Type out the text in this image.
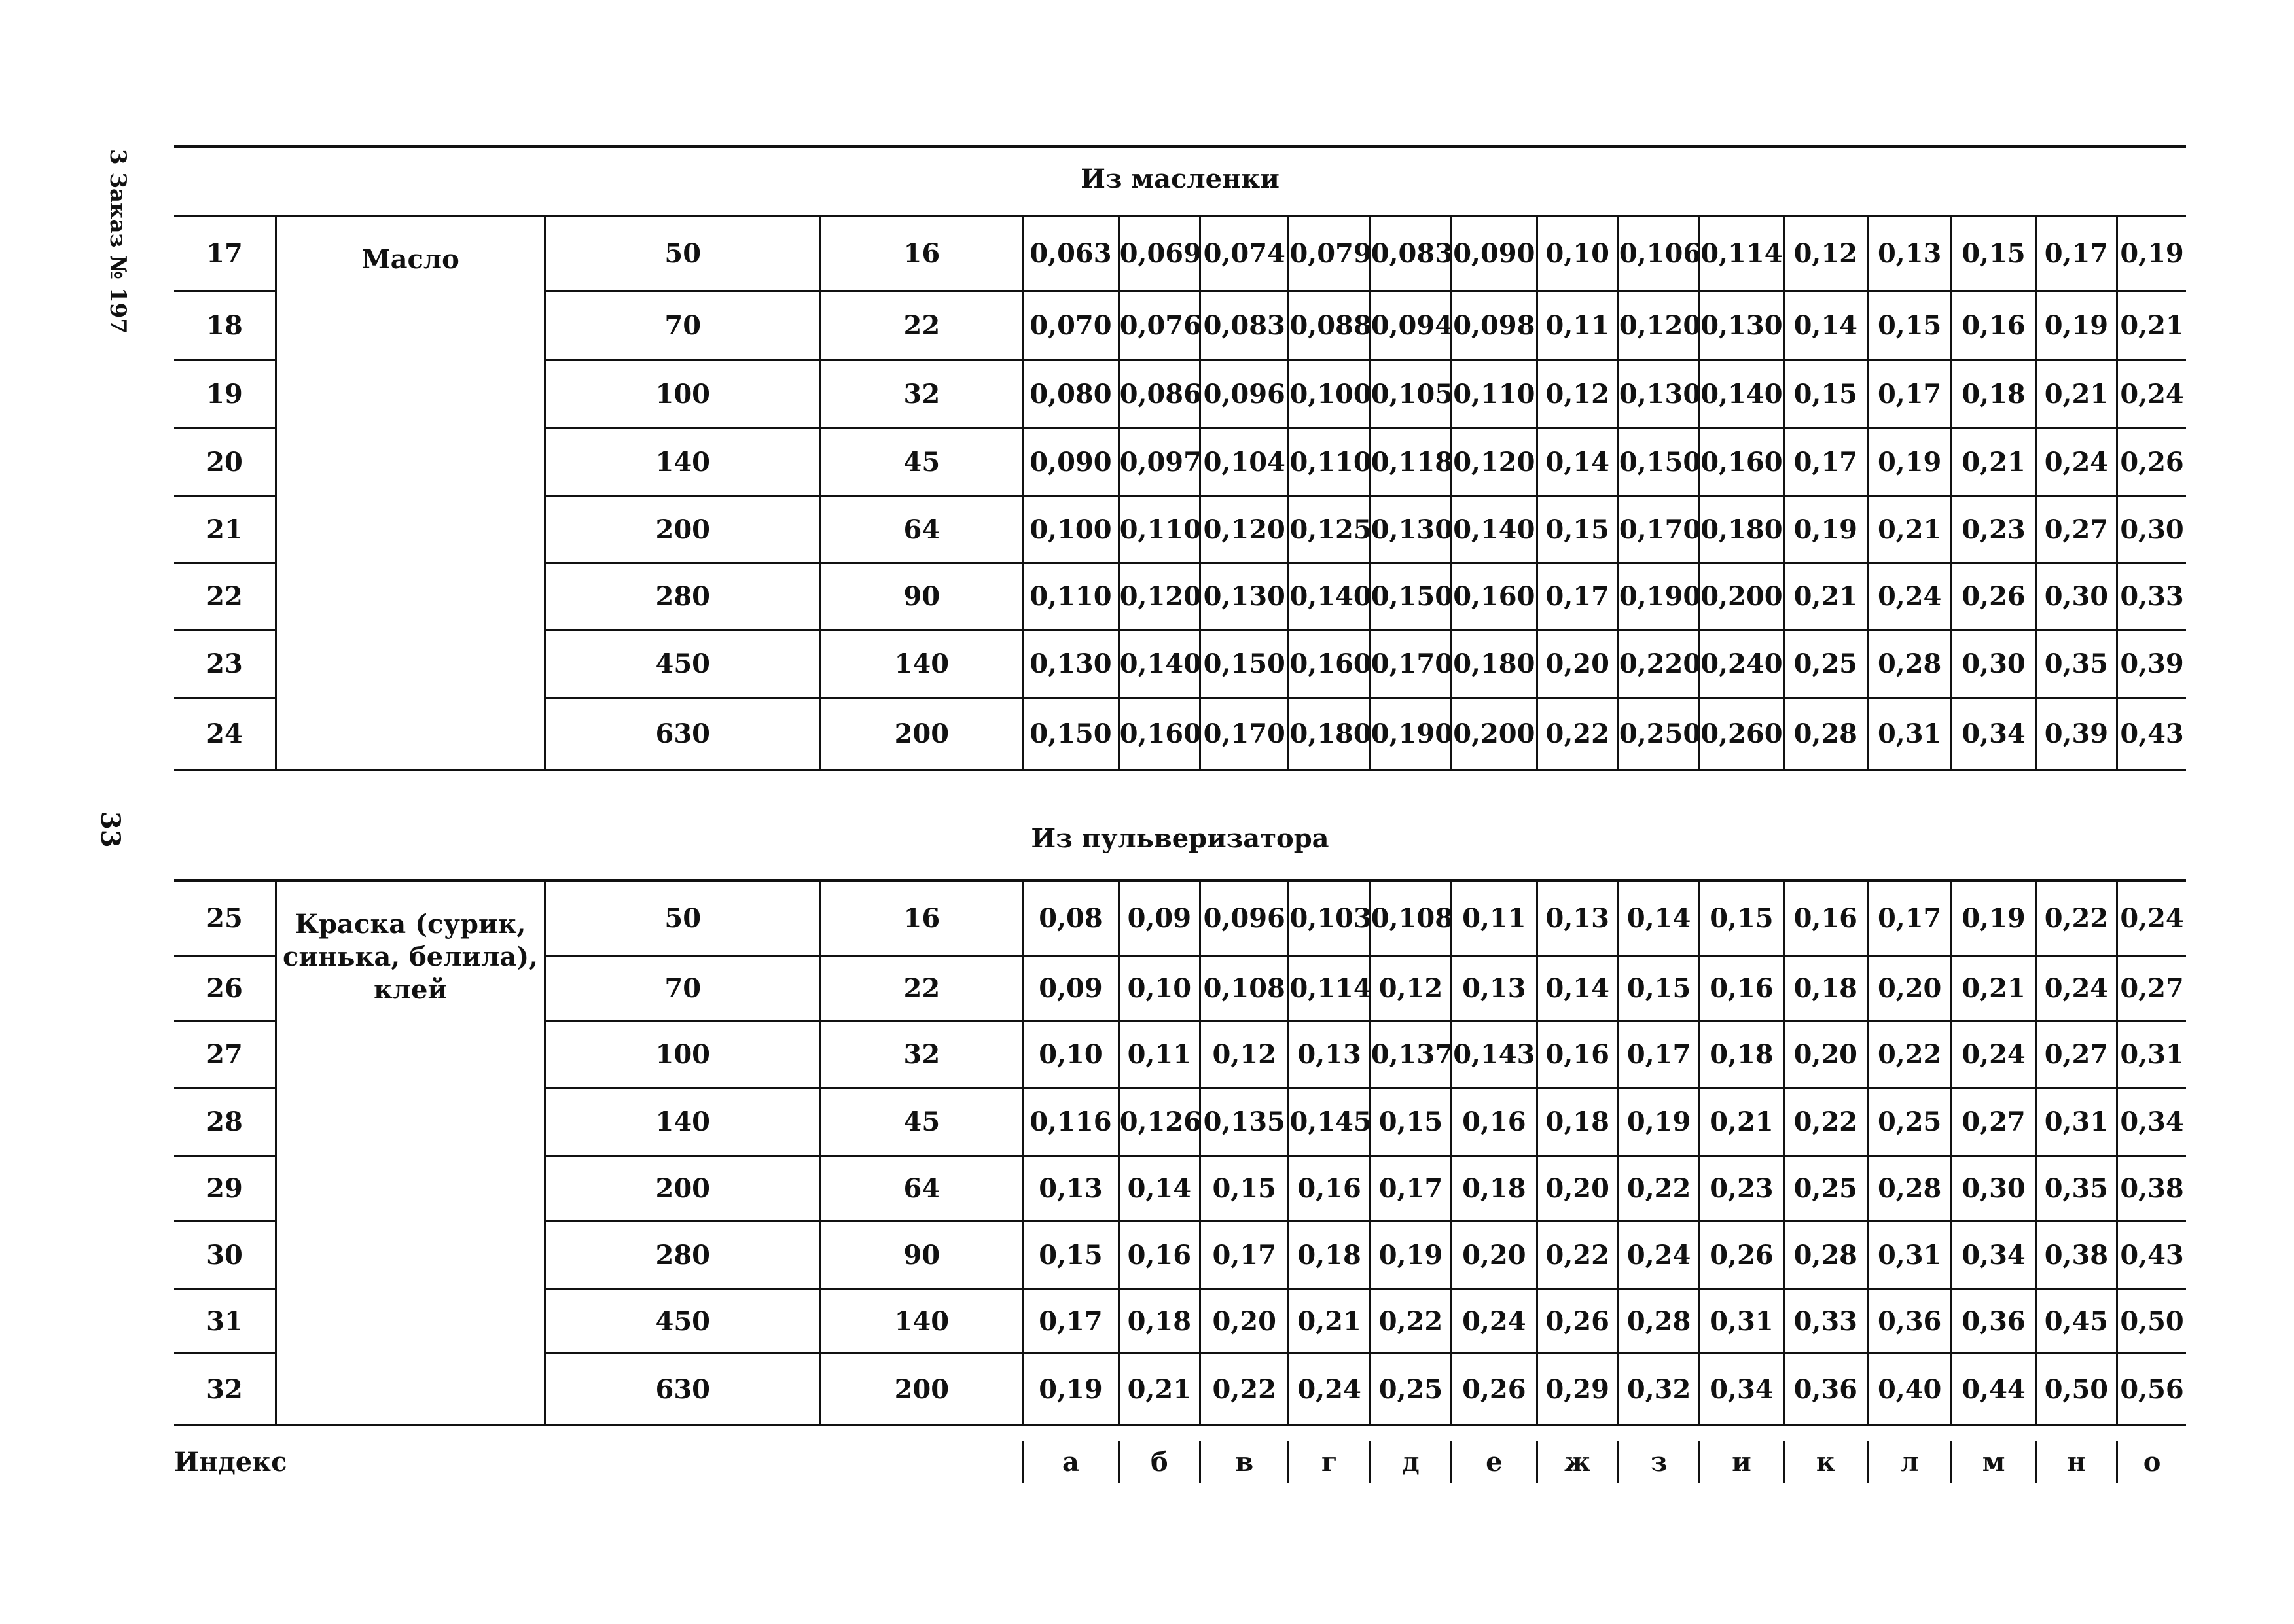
3 Заказ № 197
33
Из масленки
17	Масло	50	16	0,063	0,069	0,074	0,079	0,083	0,090	0,10	0,106	0,114	0,12	0,13	0,15	0,17	0,19
18		70	22	0,070	0,076	0,083	0,088	0,094	0,098	0,11	0,120	0,130	0,14	0,15	0,16	0,19	0,21
19		100	32	0,080	0,086	0,096	0,100	0,105	0,110	0,12	0,130	0,140	0,15	0,17	0,18	0,21	0,24
20		140	45	0,090	0,097	0,104	0,110	0,118	0,120	0,14	0,150	0,160	0,17	0,19	0,21	0,24	0,26
21		200	64	0,100	0,110	0,120	0,125	0,130	0,140	0,15	0,170	0,180	0,19	0,21	0,23	0,27	0,30
22		280	90	0,110	0,120	0,130	0,140	0,150	0,160	0,17	0,190	0,200	0,21	0,24	0,26	0,30	0,33
23		450	140	0,130	0,140	0,150	0,160	0,170	0,180	0,20	0,220	0,240	0,25	0,28	0,30	0,35	0,39
24		630	200	0,150	0,160	0,170	0,180	0,190	0,200	0,22	0,250	0,260	0,28	0,31	0,34	0,39	0,43
Из пульверизатора
25	Краска (сурик, синька, белила), клей	50	16	0,08	0,09	0,096	0,103	0,108	0,11	0,13	0,14	0,15	0,16	0,17	0,19	0,22	0,24
26		70	22	0,09	0,10	0,108	0,114	0,12	0,13	0,14	0,15	0,16	0,18	0,20	0,21	0,24	0,27
27		100	32	0,10	0,11	0,12	0,13	0,137	0,143	0,16	0,17	0,18	0,20	0,22	0,24	0,27	0,31
28		140	45	0,116	0,126	0,135	0,145	0,15	0,16	0,18	0,19	0,21	0,22	0,25	0,27	0,31	0,34
29		200	64	0,13	0,14	0,15	0,16	0,17	0,18	0,20	0,22	0,23	0,25	0,28	0,30	0,35	0,38
30		280	90	0,15	0,16	0,17	0,18	0,19	0,20	0,22	0,24	0,26	0,28	0,31	0,34	0,38	0,43
31		450	140	0,17	0,18	0,20	0,21	0,22	0,24	0,26	0,28	0,31	0,33	0,36	0,36	0,45	0,50
32		630	200	0,19	0,21	0,22	0,24	0,25	0,26	0,29	0,32	0,34	0,36	0,40	0,44	0,50	0,56
Индекс	а	б	в	г	д	е	ж	з	и	к	л	м	н	о
